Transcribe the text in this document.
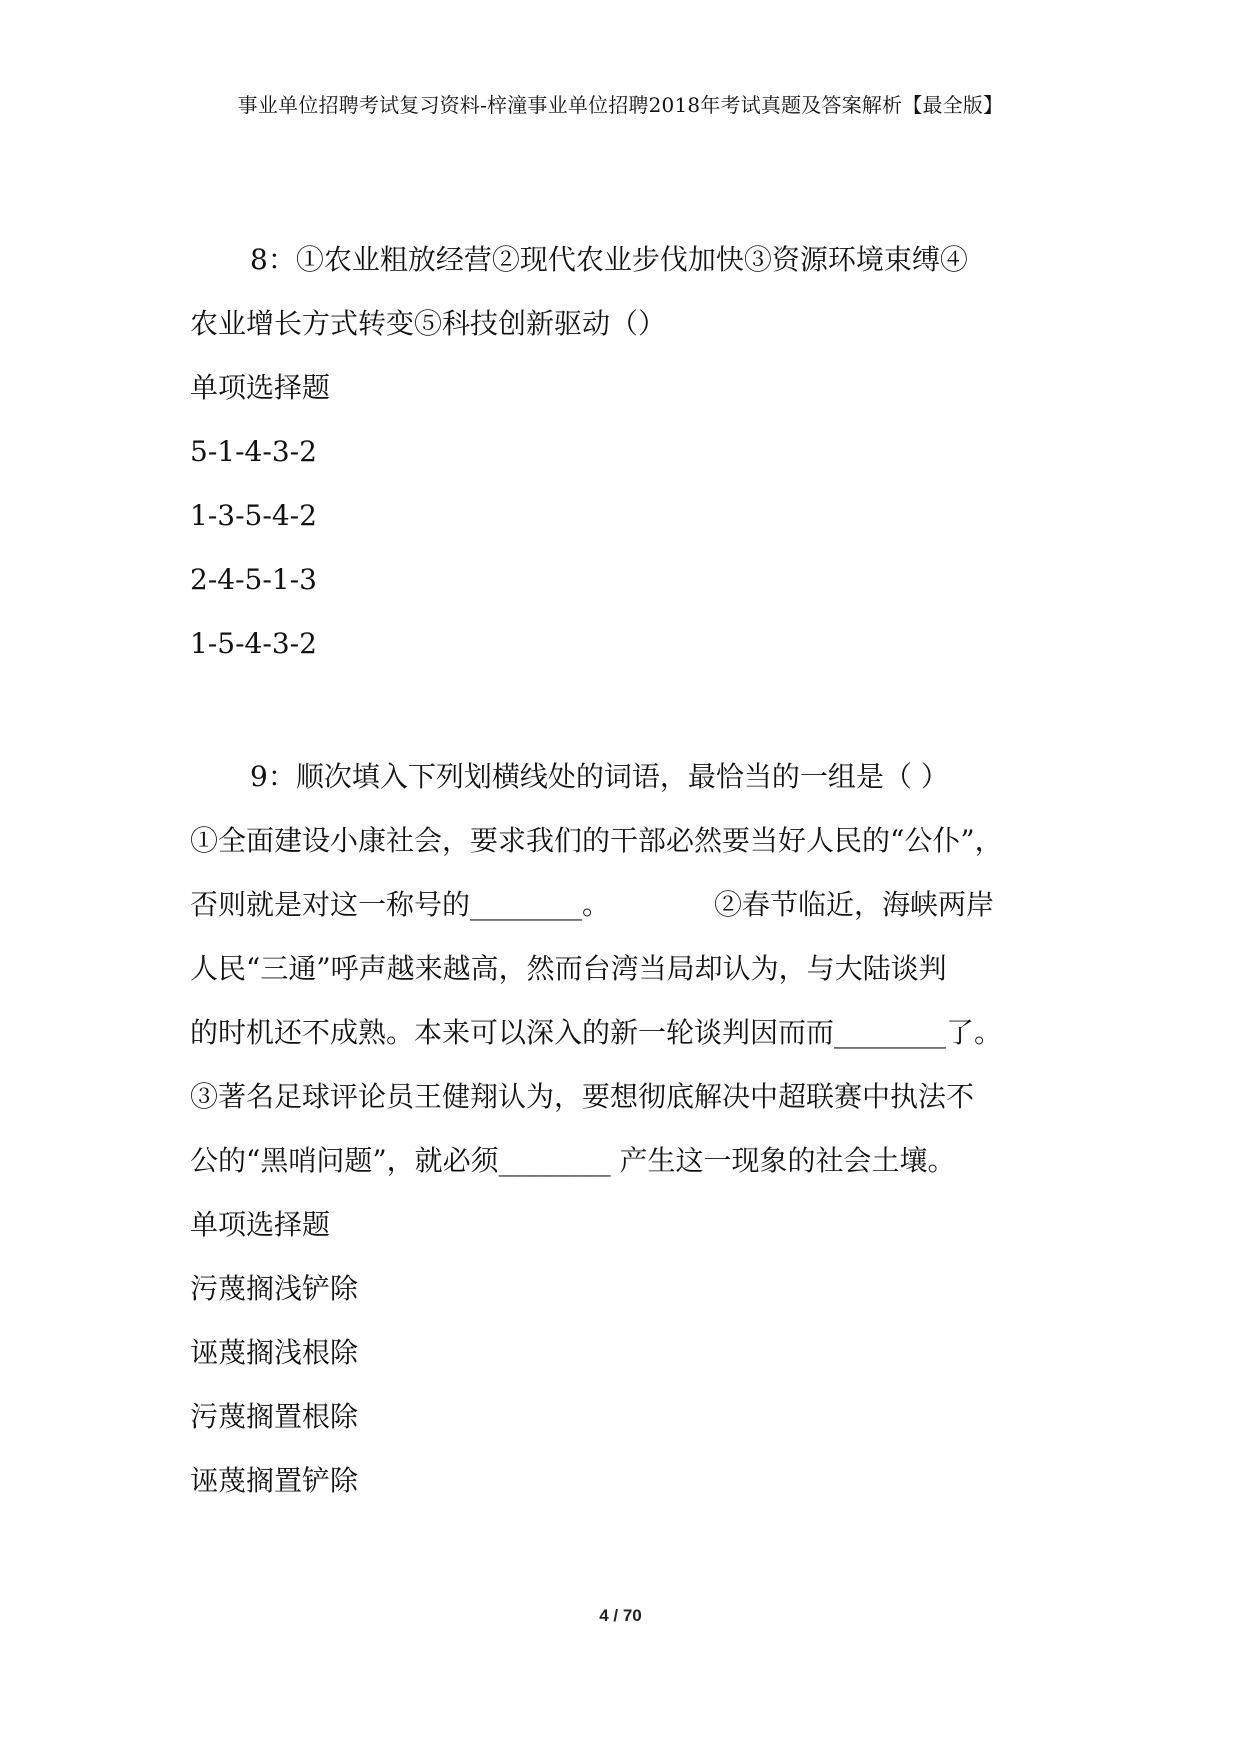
事业单位招聘考试复习资料-梓潼事业单位招聘2018年考试真题及答案解析【最全版】
8：①农业粗放经营②现代农业步伐加快③资源环境束缚④
农业增长方式转变⑤科技创新驱动（）
单项选择题
5-1-4-3-2
1-3-5-4-2
2-4-5-1-3
1-5-4-3-2
9：顺次填入下列划横线处的词语，最恰当的一组是（ ）
①全面建设小康社会，要求我们的干部必然要当好人民的“公仆”，
否则就是对这一称号的________。	②春节临近，海峡两岸
人民“三通”呼声越来越高，然而台湾当局却认为，与大陆谈判
的时机还不成熟。本来可以深入的新一轮谈判因而而________了。
③著名足球评论员王健翔认为，要想彻底解决中超联赛中执法不
公的“黑哨问题”，就必须________ 产生这一现象的社会土壤。
单项选择题
污蔑搁浅铲除
诬蔑搁浅根除
污蔑搁置根除
诬蔑搁置铲除
4 / 70
